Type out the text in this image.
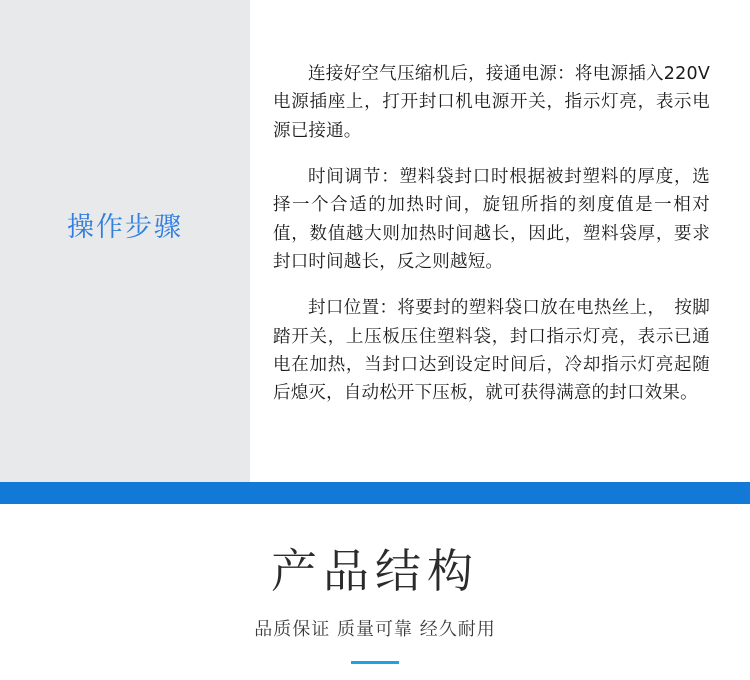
操作步骤

连接好空气压缩机后，接通电源：将电源插入220V电源插座上，打开封口机电源开关，指示灯亮，表示电源已接通。

时间调节：塑料袋封口时根据被封塑料的厚度，选择一个合适的加热时间，旋钮所指的刻度值是一相对值，数值越大则加热时间越长，因此，塑料袋厚，要求封口时间越长，反之则越短。

封口位置：将要封的塑料袋口放在电热丝上，　按脚踏开关，上压板压住塑料袋，封口指示灯亮，表示已通电在加热，当封口达到设定时间后，冷却指示灯亮起随后熄灭，自动松开下压板，就可获得满意的封口效果。

产品结构
品质保证 质量可靠 经久耐用
